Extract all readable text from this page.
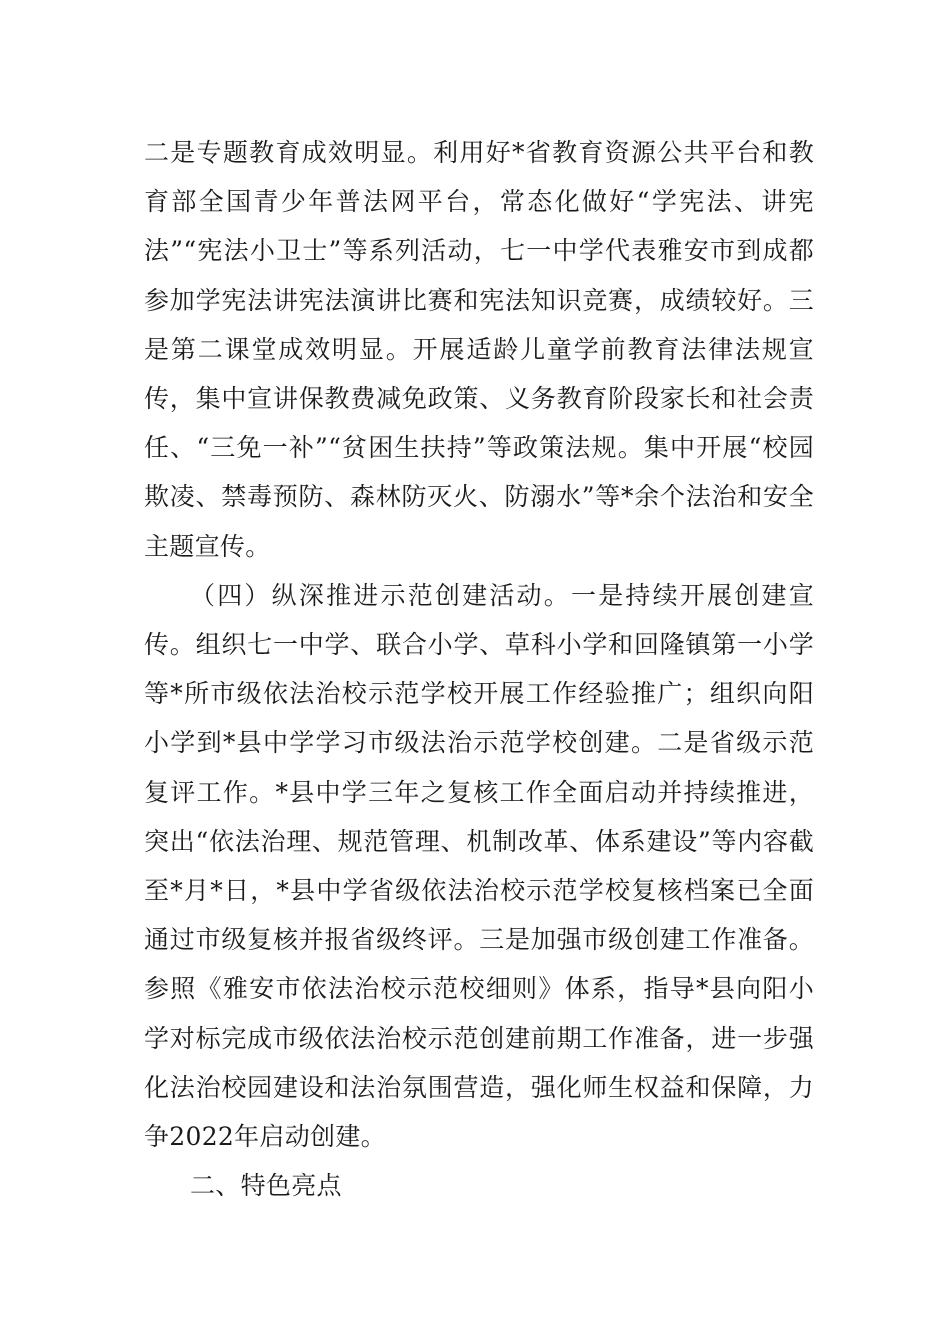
二是专题教育成效明显。利用好*省教育资源公共平台和教育部全国青少年普法网平台，常态化做好“学宪法、讲宪法”“宪法小卫士”等系列活动，七一中学代表雅安市到成都参加学宪法讲宪法演讲比赛和宪法知识竞赛，成绩较好。三是第二课堂成效明显。开展适龄儿童学前教育法律法规宣传，集中宣讲保教费减免政策、义务教育阶段家长和社会责任、“三免一补”“贫困生扶持”等政策法规。集中开展“校园欺凌、禁毒预防、森林防灭火、防溺水”等*余个法治和安全主题宣传。

（四）纵深推进示范创建活动。一是持续开展创建宣传。组织七一中学、联合小学、草科小学和回隆镇第一小学等*所市级依法治校示范学校开展工作经验推广；组织向阳小学到*县中学学习市级法治示范学校创建。二是省级示范复评工作。*县中学三年之复核工作全面启动并持续推进，突出“依法治理、规范管理、机制改革、体系建设”等内容截至*月*日，*县中学省级依法治校示范学校复核档案已全面通过市级复核并报省级终评。三是加强市级创建工作准备。参照《雅安市依法治校示范校细则》体系，指导*县向阳小学对标完成市级依法治校示范创建前期工作准备，进一步强化法治校园建设和法治氛围营造，强化师生权益和保障，力争2022年启动创建。

二、特色亮点
